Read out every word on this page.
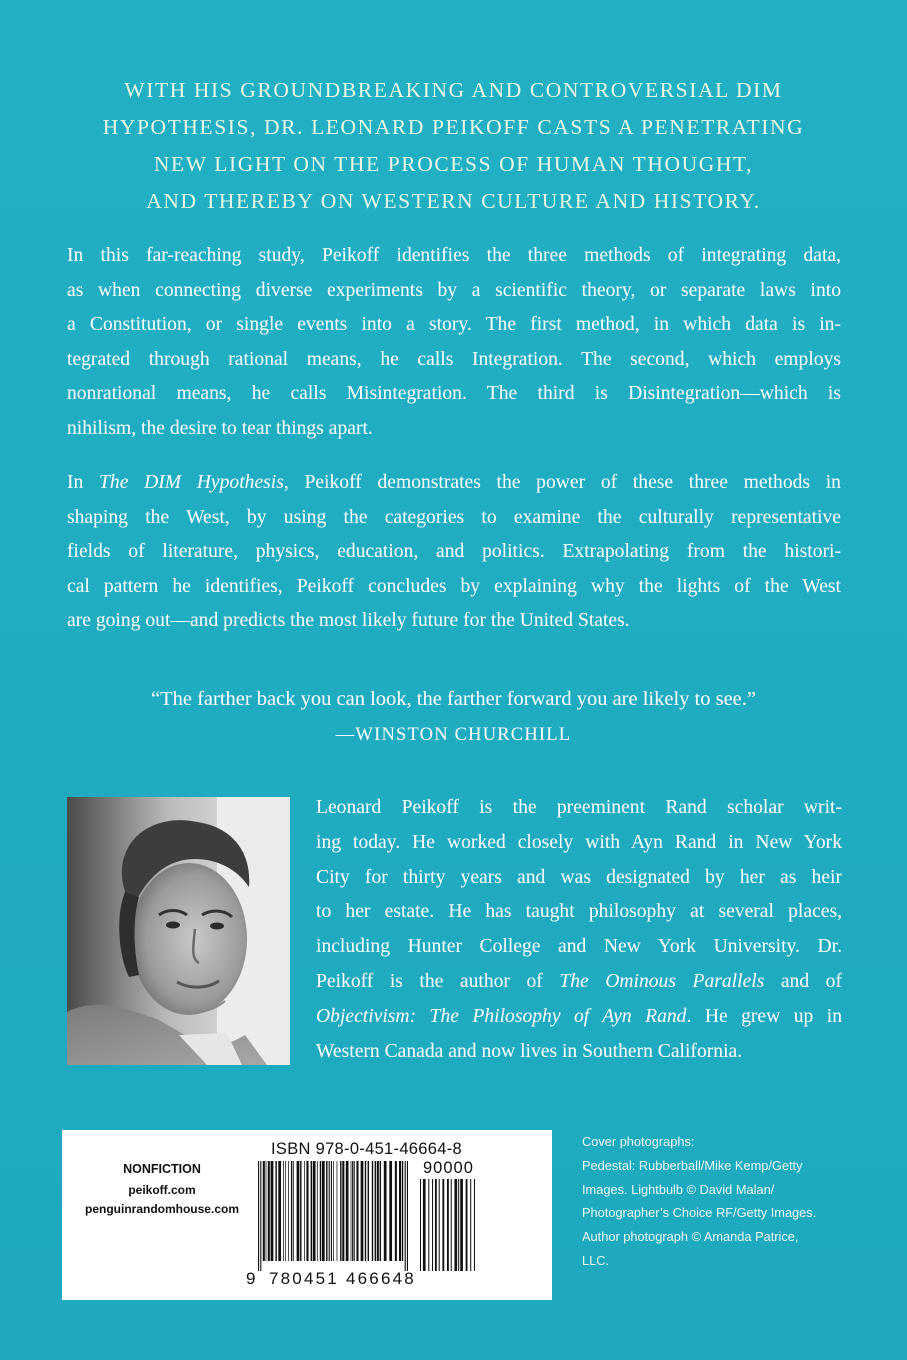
WITH HIS GROUNDBREAKING AND CONTROVERSIAL DIM
HYPOTHESIS, DR. LEONARD PEIKOFF CASTS A PENETRATING
NEW LIGHT ON THE PROCESS OF HUMAN THOUGHT,
AND THEREBY ON WESTERN CULTURE AND HISTORY.
In this far-reaching study, Peikoff identifies the three methods of integrating data,
as when connecting diverse experiments by a scientific theory, or separate laws into
a Constitution, or single events into a story. The first method, in which data is in-
tegrated through rational means, he calls Integration. The second, which employs
nonrational means, he calls Misintegration. The third is Disintegration—which is
nihilism, the desire to tear things apart.
In The DIM Hypothesis, Peikoff demonstrates the power of these three methods in
shaping the West, by using the categories to examine the culturally representative
fields of literature, physics, education, and politics. Extrapolating from the histori-
cal pattern he identifies, Peikoff concludes by explaining why the lights of the West
are going out—and predicts the most likely future for the United States.
“The farther back you can look, the farther forward you are likely to see.”
—WINSTON CHURCHILL
Leonard Peikoff is the preeminent Rand scholar writ-
ing today. He worked closely with Ayn Rand in New York
City for thirty years and was designated by her as heir
to her estate. He has taught philosophy at several places,
including Hunter College and New York University. Dr.
Peikoff is the author of The Ominous Parallels and of
Objectivism: The Philosophy of Ayn Rand. He grew up in
Western Canada and now lives in Southern California.
NONFICTION
peikoff.com
penguinrandomhouse.com
ISBN 978-0-451-46664-8
90000
9 780451 466648
Cover photographs:
Pedestal: Rubberball/Mike Kemp/Getty
Images. Lightbulb © David Malan/
Photographer’s Choice RF/Getty Images.
Author photograph © Amanda Patrice,
LLC.
